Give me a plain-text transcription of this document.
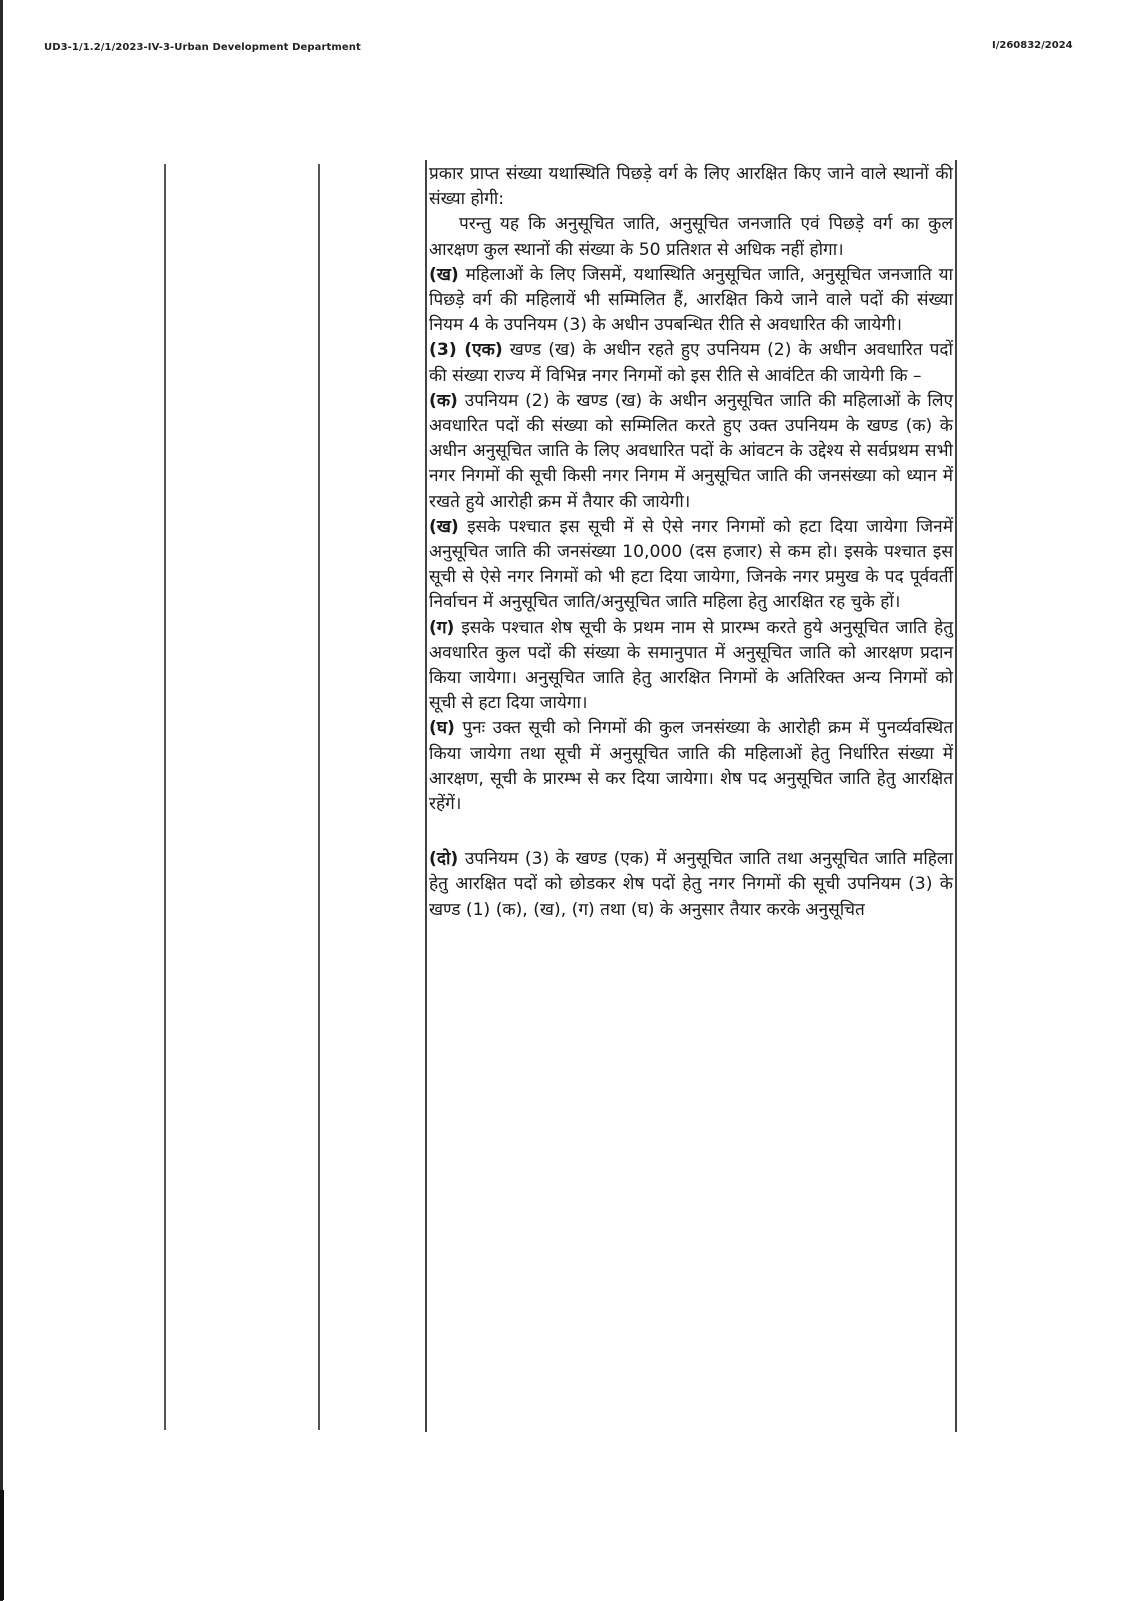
UD3-1/1.2/1/2023-IV-3-Urban Development Department	I/260832/2024

प्रकार प्राप्त संख्या यथास्थिति पिछड़े वर्ग के लिए आरक्षित किए जाने वाले स्थानों की संख्या होगी:

परन्तु यह कि अनुसूचित जाति, अनुसूचित जनजाति एवं पिछड़े वर्ग का कुल आरक्षण कुल स्थानों की संख्या के 50 प्रतिशत से अधिक नहीं होगा।

(ख) महिलाओं के लिए जिसमें, यथास्थिति अनुसूचित जाति, अनुसूचित जनजाति या पिछड़े वर्ग की महिलायें भी सम्मिलित हैं, आरक्षित किये जाने वाले पदों की संख्या नियम 4 के उपनियम (3) के अधीन उपबन्धित रीति से अवधारित की जायेगी।

(3) (एक) खण्ड (ख) के अधीन रहते हुए उपनियम (2) के अधीन अवधारित पदों की संख्या राज्य में विभिन्न नगर निगमों को इस रीति से आवंटित की जायेगी कि –

(क) उपनियम (2) के खण्ड (ख) के अधीन अनुसूचित जाति की महिलाओं के लिए अवधारित पदों की संख्या को सम्मिलित करते हुए उक्त उपनियम के खण्ड (क) के अधीन अनुसूचित जाति के लिए अवधारित पदों के आंवटन के उद्देश्य से सर्वप्रथम सभी नगर निगमों की सूची किसी नगर निगम में अनुसूचित जाति की जनसंख्या को ध्यान में रखते हुये आरोही क्रम में तैयार की जायेगी।

(ख) इसके पश्चात इस सूची में से ऐसे नगर निगमों को हटा दिया जायेगा जिनमें अनुसूचित जाति की जनसंख्या 10,000 (दस हजार) से कम हो। इसके पश्चात इस सूची से ऐसे नगर निगमों को भी हटा दिया जायेगा, जिनके नगर प्रमुख के पद पूर्ववर्ती निर्वाचन में अनुसूचित जाति/अनुसूचित जाति महिला हेतु आरक्षित रह चुके हों।

(ग) इसके पश्चात शेष सूची के प्रथम नाम से प्रारम्भ करते हुये अनुसूचित जाति हेतु अवधारित कुल पदों की संख्या के समानुपात में अनुसूचित जाति को आरक्षण प्रदान किया जायेगा। अनुसूचित जाति हेतु आरक्षित निगमों के अतिरिक्त अन्य निगमों को सूची से हटा दिया जायेगा।

(घ) पुनः उक्त सूची को निगमों की कुल जनसंख्या के आरोही क्रम में पुनर्व्यवस्थित किया जायेगा तथा सूची में अनुसूचित जाति की महिलाओं हेतु निर्धारित संख्या में आरक्षण, सूची के प्रारम्भ से कर दिया जायेगा। शेष पद अनुसूचित जाति हेतु आरक्षित रहेंगें।

(दो) उपनियम (3) के खण्ड (एक) में अनुसूचित जाति तथा अनुसूचित जाति महिला हेतु आरक्षित पदों को छोडकर शेष पदों हेतु नगर निगमों की सूची उपनियम (3) के खण्ड (1) (क), (ख), (ग) तथा (घ) के अनुसार तैयार करके अनुसूचित
